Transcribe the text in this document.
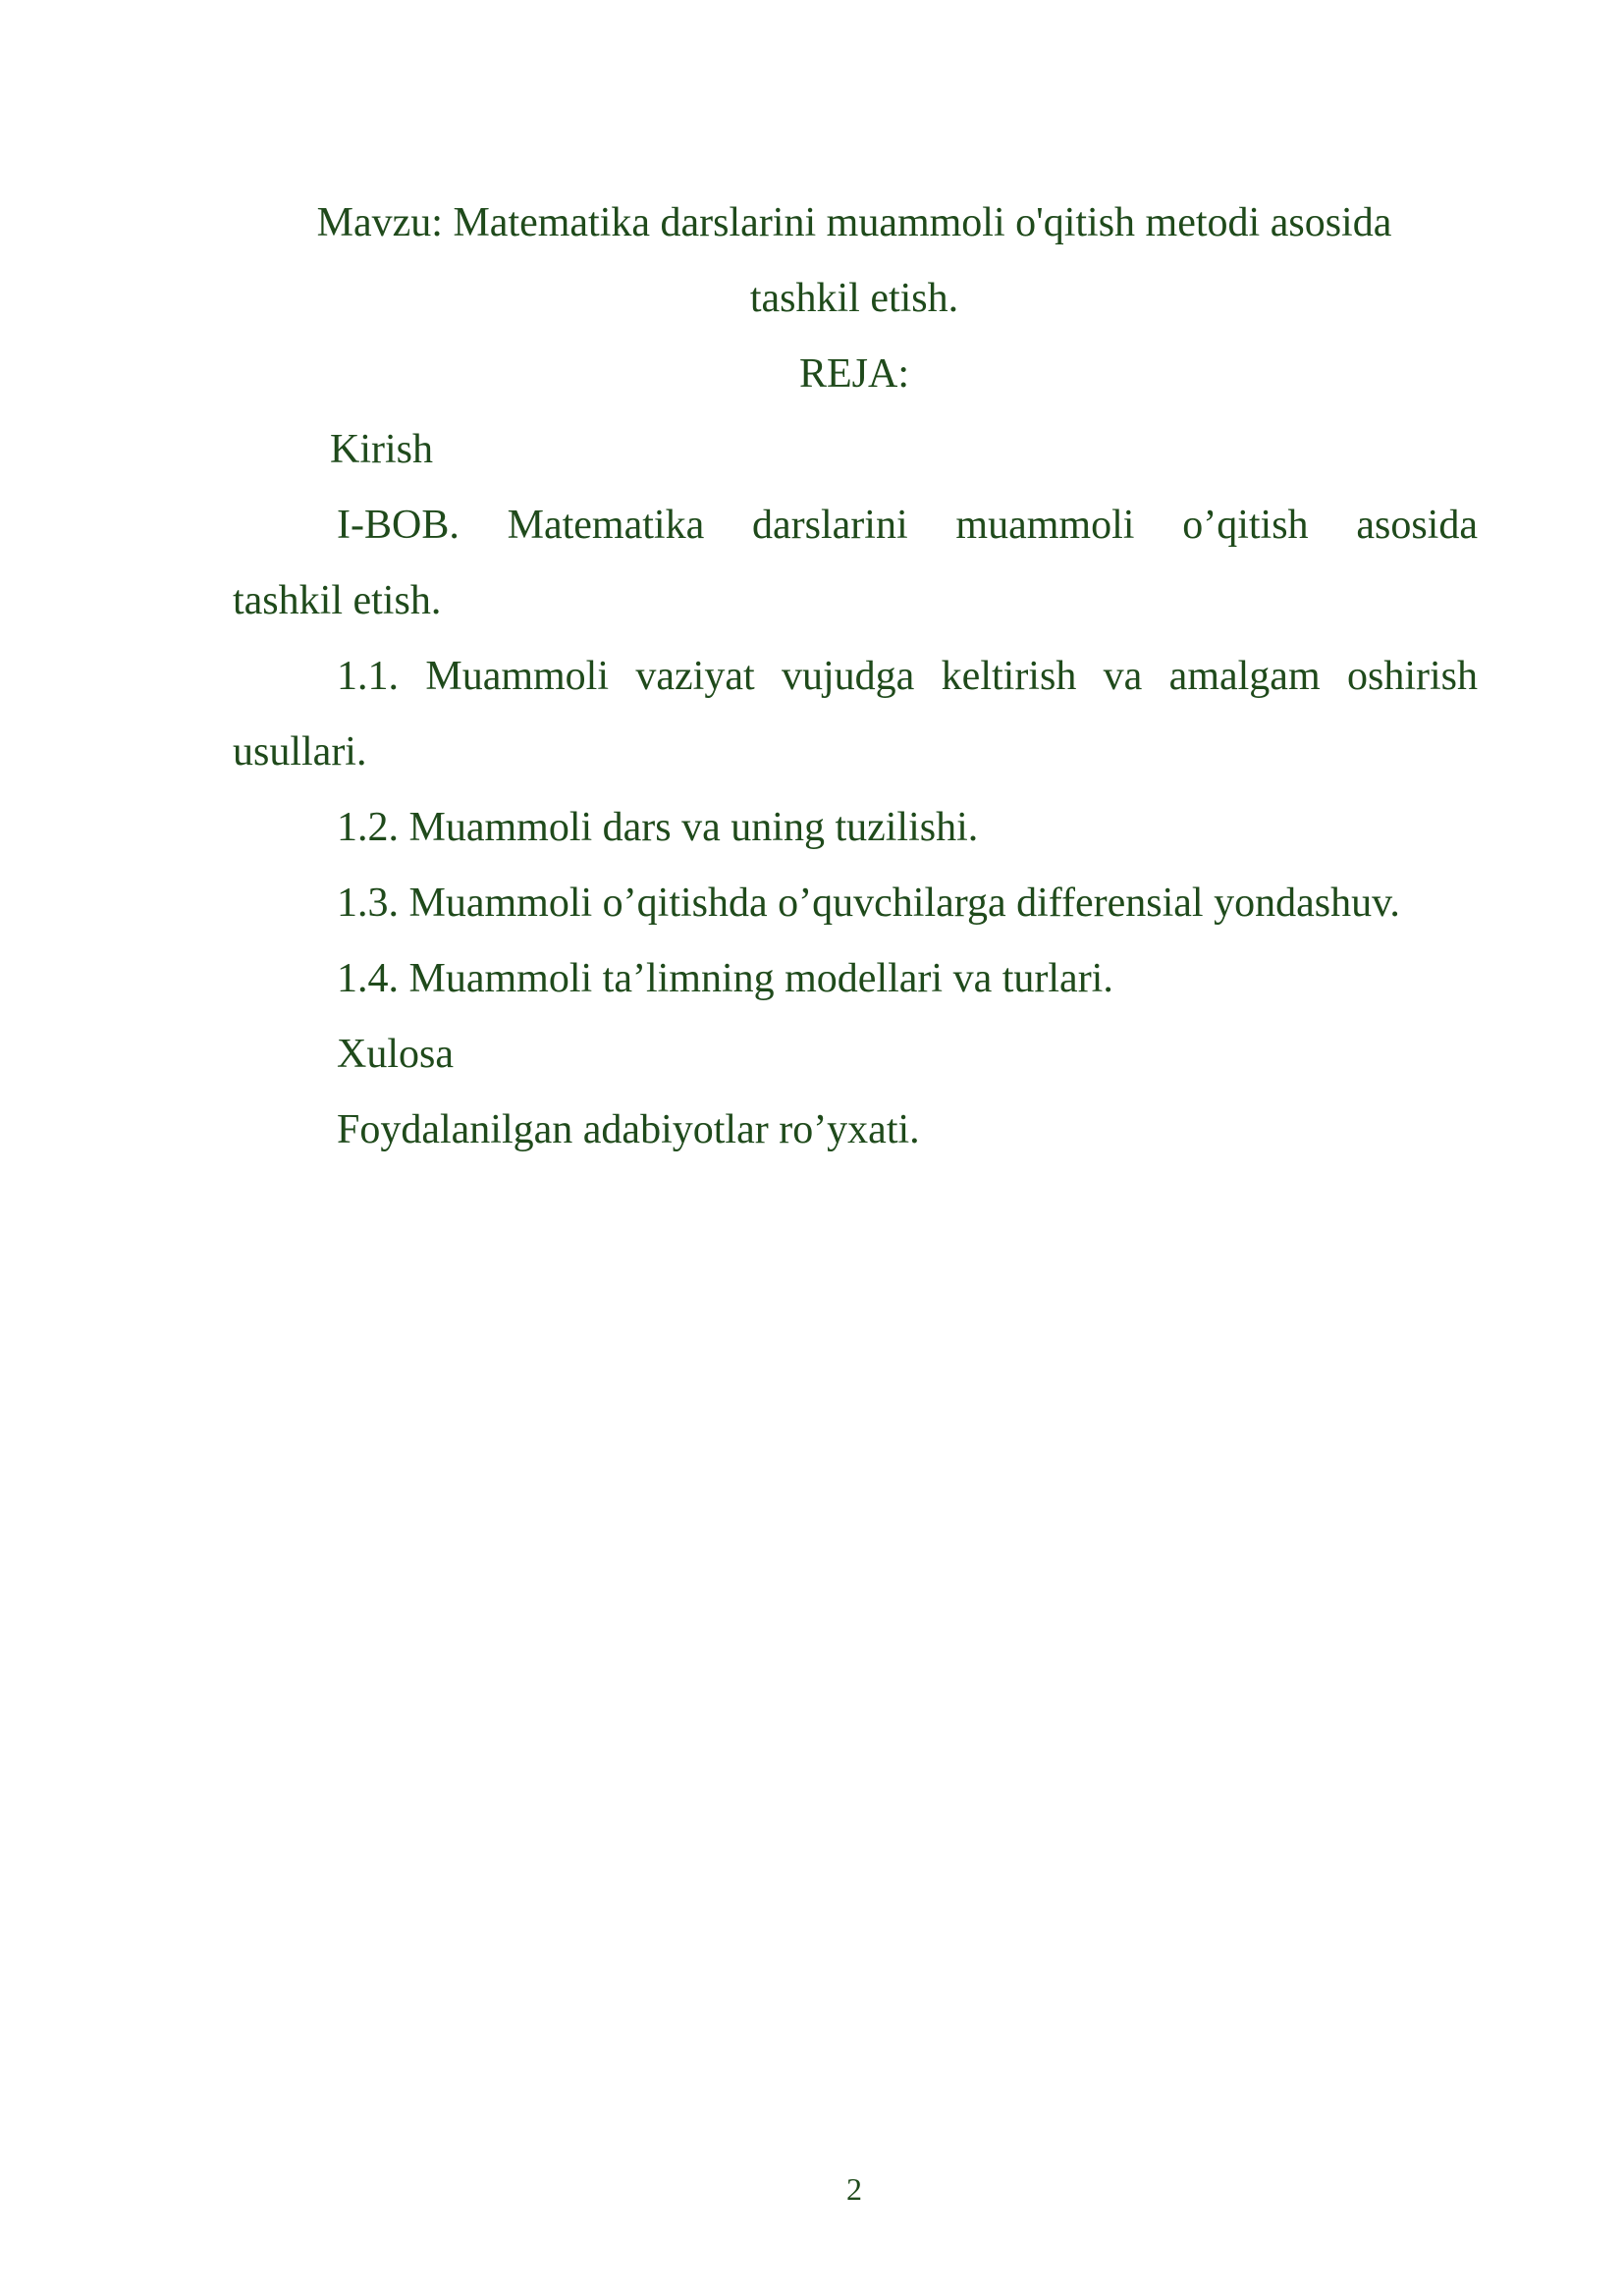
Mavzu: Matematika darslarini muammoli o'qitish metodi asosida
tashkil etish.
REJA:
Kirish
I-BOB. Matematika darslarini muammoli o’qitish asosida
tashkil etish.
1.1. Muammoli vaziyat vujudga keltirish va amalgam oshirish
usullari.
1.2. Muammoli dars va uning tuzilishi.
1.3. Muammoli o’qitishda o’quvchilarga differensial yondashuv.
1.4. Muammoli ta’limning modellari va turlari.
Xulosa
Foydalanilgan adabiyotlar ro’yxati.
2
